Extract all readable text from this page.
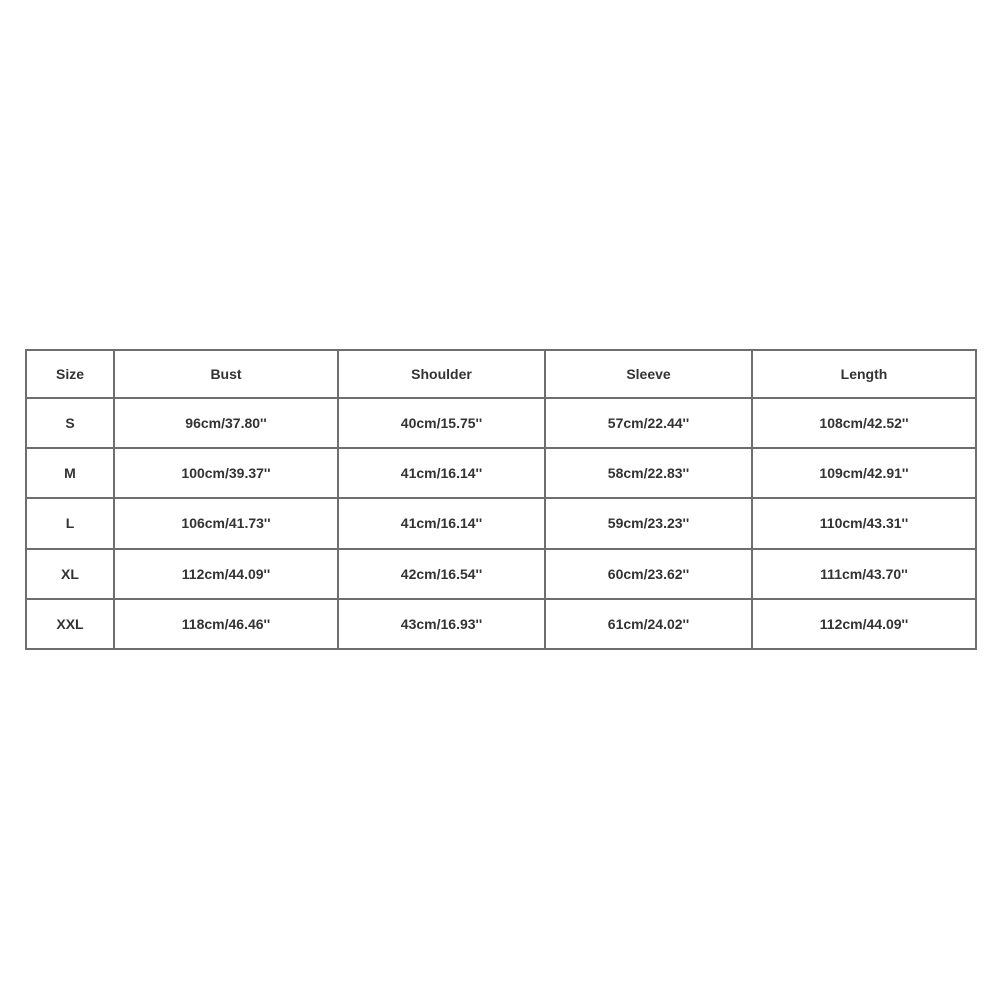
Size	Bust	Shoulder	Sleeve	Length
S	96cm/37.80''	40cm/15.75''	57cm/22.44''	108cm/42.52''
M	100cm/39.37''	41cm/16.14''	58cm/22.83''	109cm/42.91''
L	106cm/41.73''	41cm/16.14''	59cm/23.23''	110cm/43.31''
XL	112cm/44.09''	42cm/16.54''	60cm/23.62''	111cm/43.70''
XXL	118cm/46.46''	43cm/16.93''	61cm/24.02''	112cm/44.09''
